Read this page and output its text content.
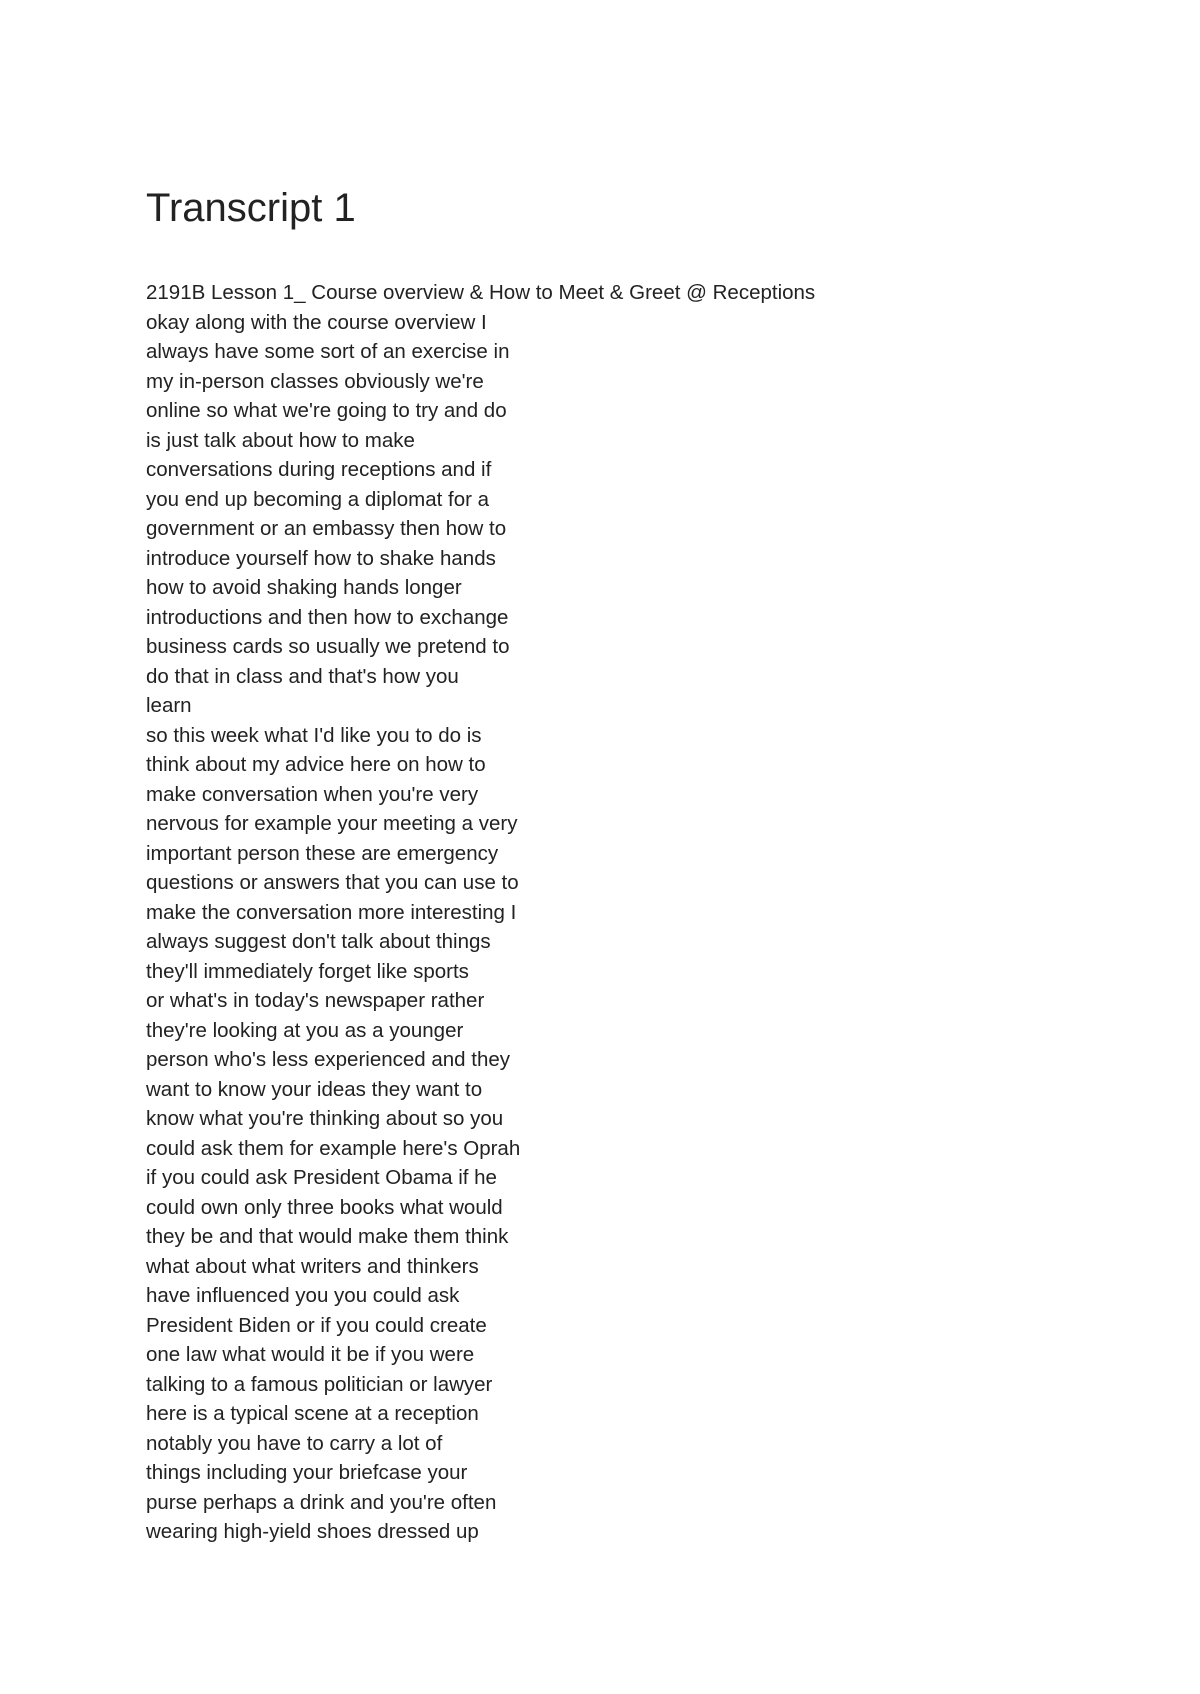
Transcript 1
2191B Lesson 1_ Course overview & How to Meet & Greet @ Receptions
okay along with the course overview I
always have some sort of an exercise in
my in-person classes obviously we're
online so what we're going to try and do
is just talk about how to make
conversations during receptions and if
you end up becoming a diplomat for a
government or an embassy then how to
introduce yourself how to shake hands
how to avoid shaking hands longer
introductions and then how to exchange
business cards so usually we pretend to
do that in class and that's how you
learn
so this week what I'd like you to do is
think about my advice here on how to
make conversation when you're very
nervous for example your meeting a very
important person these are emergency
questions or answers that you can use to
make the conversation more interesting I
always suggest don't talk about things
they'll immediately forget like sports
or what's in today's newspaper rather
they're looking at you as a younger
person who's less experienced and they
want to know your ideas they want to
know what you're thinking about so you
could ask them for example here's Oprah
if you could ask President Obama if he
could own only three books what would
they be and that would make them think
what about what writers and thinkers
have influenced you you could ask
President Biden or if you could create
one law what would it be if you were
talking to a famous politician or lawyer
here is a typical scene at a reception
notably you have to carry a lot of
things including your briefcase your
purse perhaps a drink and you're often
wearing high-yield shoes dressed up
